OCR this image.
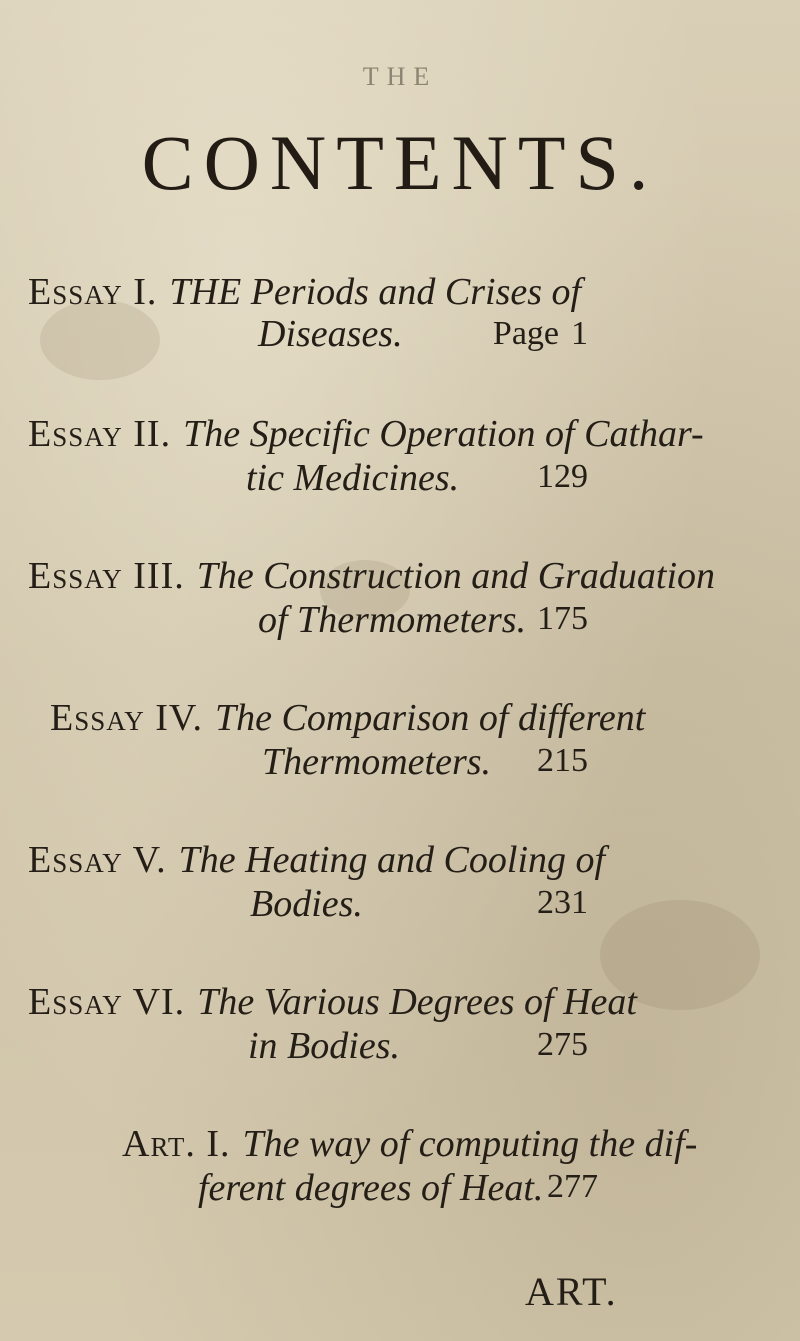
THE
CONTENTS.
Essay I. THE Periods and Crises of
Diseases.	Page 1
Essay II. The Specific Operation of Cathar-
tic Medicines. 129
Essay III. The Construction and Graduation
of Thermometers. 175
Essay IV. The Comparison of different
Thermometers. 215
Essay V. The Heating and Cooling of
Bodies.	231
Essay VI. The Various Degrees of Heat
in Bodies.	275
Art. I. The way of computing the dif-
ferent degrees of Heat. 277
ART.
